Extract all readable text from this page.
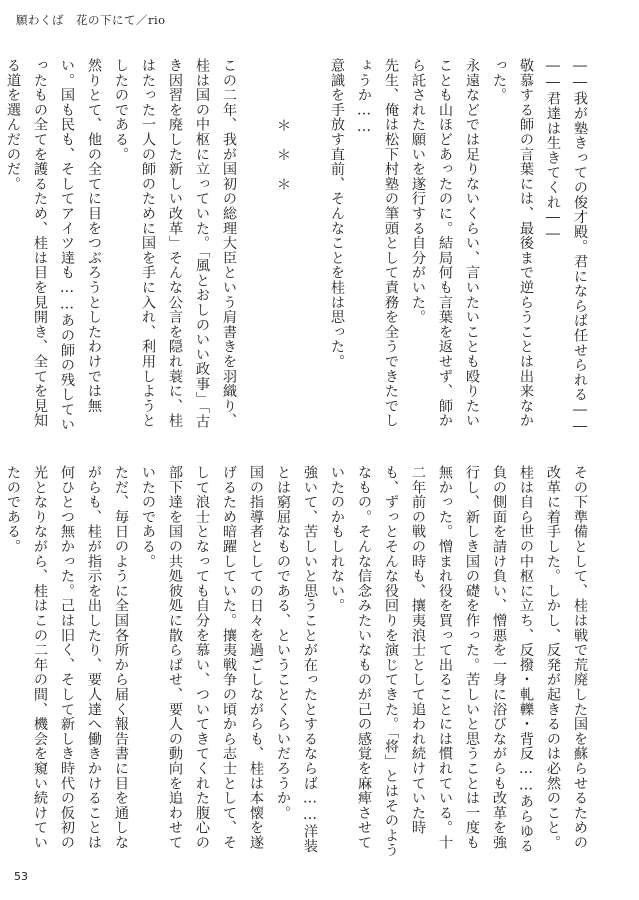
願わくば　花の下にて／rio
――我が塾きっての俊才殿。君にならば任せられる――
――君達は生きてくれ――
敬慕する師の言葉には、最後まで逆らうことは出来なかった。
永遠などでは足りないくらい、言いたいことも殴りたいことも山ほどあったのに。結局何も言葉を返せず、師から託された願いを遂行する自分がいた。
先生、俺は松下村塾の筆頭として責務を全うできたでしょうか……
意識を手放す直前、そんなことを桂は思った。
＊　＊　＊
この二年、我が国初の総理大臣という肩書きを羽織り、桂は国の中枢に立っていた。「風とおしのいい政事」「古き因習を廃した新しい改革」そんな公言を隠れ蓑に、桂はたった一人の師のために国を手に入れ、利用しようとしたのである。
然りとて、他の全てに目をつぶろうとしたわけでは無い。国も民も、そしてアイツ達も……あの師の残していったもの全てを護るため、桂は目を見開き、全てを見知る道を選んだのだ。
その下準備として、桂は戦で荒廃した国を蘇らせるための改革に着手した。しかし、反発が起きるのは必然のこと。桂は自ら世の中枢に立ち、反撥・軋轢・背反……あらゆる負の側面を請け負い、憎悪を一身に浴びながらも改革を強行し、新しき国の礎を作った。苦しいと思うことは一度も無かった。憎まれ役を買って出ることには慣れている。十二年前の戦の時も、攘夷浪士として追われ続けていた時も、ずっとそんな役回りを演じてきた。「将」とはそのようなもの。そんな信念みたいなものが己の感覚を麻痺させていたのかもしれない。
強いて、苦しいと思うことが在ったとするならば……洋装とは窮屈なものである、ということくらいだろうか。
国の指導者としての日々を過ごしながらも、桂は本懐を遂げるため暗躍していた。攘夷戦争の頃から志士として、そして浪士となっても自分を慕い、ついてきてくれた腹心の部下達を国の共処彼処に散らばせ、要人の動向を追わせていたのである。
ただ、毎日のように全国各所から届く報告書に目を通しながらも、桂が指示を出したり、要人達へ働きかけることは何ひとつ無かった。己は旧く、そして新しき時代の仮初の光となりながら、桂はこの二年の間、機会を窺い続けていたのである。
53
